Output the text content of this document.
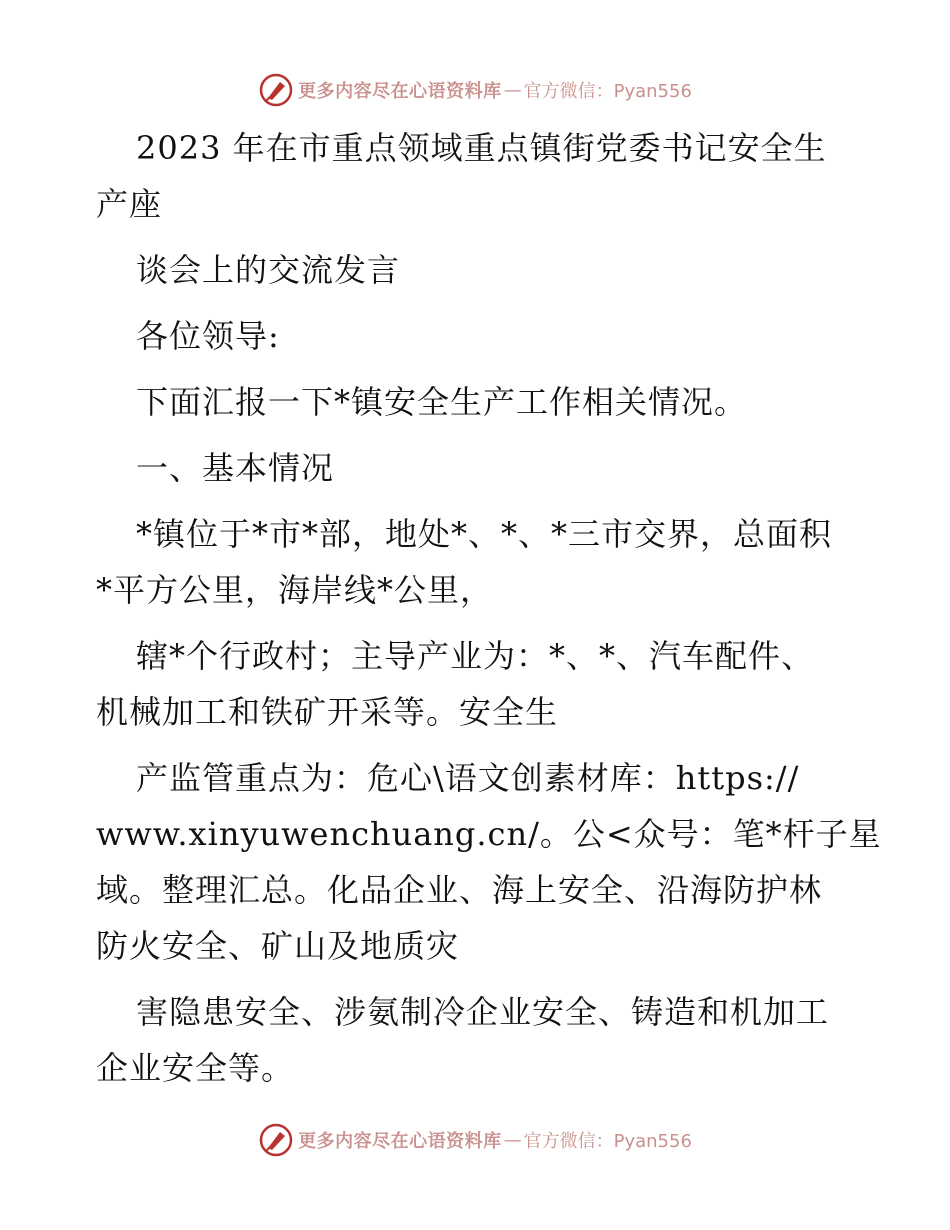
更多内容尽在心语资料库 — 官方微信：Pyan556
2023 年在市重点领域重点镇街党委书记安全生
产座
谈会上的交流发言
各位领导:
下面汇报一下*镇安全生产工作相关情况。
一、基本情况
*镇位于*市*部，地处*、*、*三市交界，总面积
*平方公里，海岸线*公里，
辖*个行政村；主导产业为：*、*、汽车配件、
机械加工和铁矿开采等。安全生
产监管重点为：危心\语文创素材库：https://
www.xinyuwenchuang.cn/。公<众号：笔*杆子星
域。整理汇总。化品企业、海上安全、沿海防护林
防火安全、矿山及地质灾
害隐患安全、涉氨制冷企业安全、铸造和机加工
企业安全等。
更多内容尽在心语资料库 — 官方微信：Pyan556
